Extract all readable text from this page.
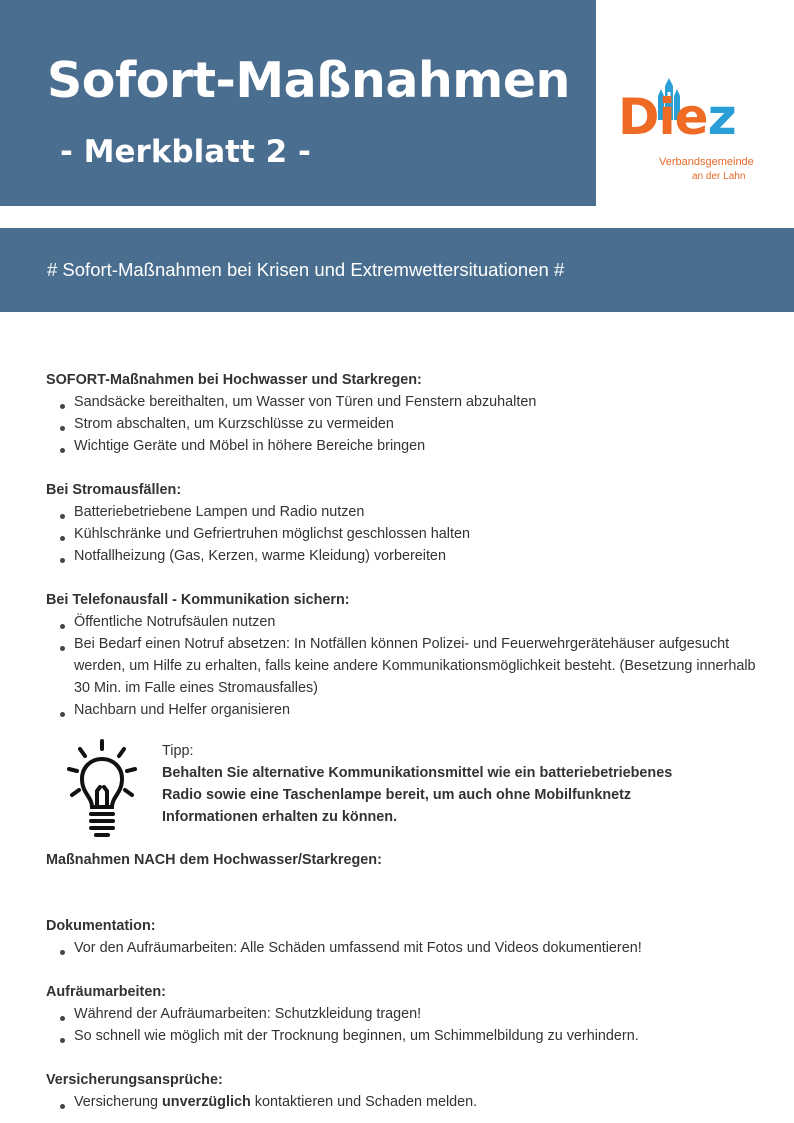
Sofort-Maßnahmen
- Merkblatt 2 -
Diez
Verbandsgemeinde
an der Lahn
# Sofort-Maßnahmen bei Krisen und Extremwettersituationen #

SOFORT-Maßnahmen bei Hochwasser und Starkregen:

Sandsäcke bereithalten, um Wasser von Türen und Fenstern abzuhalten
Strom abschalten, um Kurzschlüsse zu vermeiden
Wichtige Geräte und Möbel in höhere Bereiche bringen

Bei Stromausfällen:

Batteriebetriebene Lampen und Radio nutzen
Kühlschränke und Gefriertruhen möglichst geschlossen halten
Notfallheizung (Gas, Kerzen, warme Kleidung) vorbereiten

Bei Telefonausfall - Kommunikation sichern:

Öffentliche Notrufsäulen nutzen
Bei Bedarf einen Notruf absetzen: In Notfällen können Polizei- und Feuerwehrgerätehäuser aufgesucht werden, um Hilfe zu erhalten, falls keine andere Kommunikationsmöglichkeit besteht. (Besetzung innerhalb 30 Min. im Falle eines Stromausfalles)
Nachbarn und Helfer organisieren

Tipp:

Behalten Sie alternative Kommunikationsmittel wie ein batteriebetriebenes

Radio sowie eine Taschenlampe bereit, um auch ohne Mobilfunknetz

Informationen erhalten zu können.

Maßnahmen NACH dem Hochwasser/Starkregen:

Dokumentation:

Vor den Aufräumarbeiten: Alle Schäden umfassend mit Fotos und Videos dokumentieren!

Aufräumarbeiten:

Während der Aufräumarbeiten: Schutzkleidung tragen!
So schnell wie möglich mit der Trocknung beginnen, um Schimmelbildung zu verhindern.

Versicherungsansprüche:

Versicherung unverzüglich kontaktieren und Schaden melden.
